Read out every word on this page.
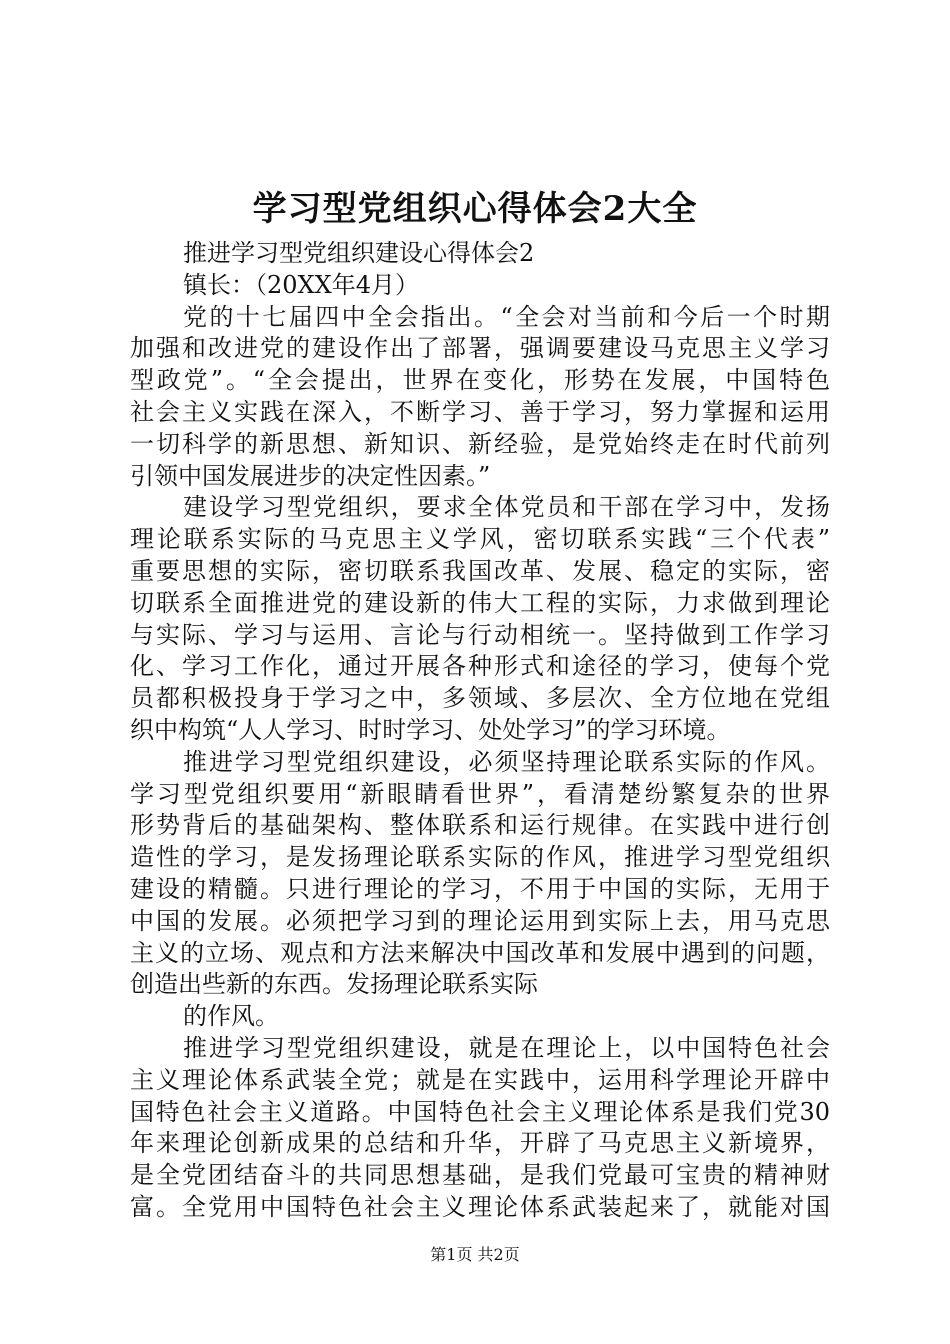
学习型党组织心得体会2大全
推进学习型党组织建设心得体会2
镇长：（20XX年4月）
党的十七届四中全会指出。“全会对当前和今后一个时期
加强和改进党的建设作出了部署，强调要建设马克思主义学习
型政党”。“全会提出，世界在变化，形势在发展，中国特色
社会主义实践在深入，不断学习、善于学习，努力掌握和运用
一切科学的新思想、新知识、新经验，是党始终走在时代前列
引领中国发展进步的决定性因素。”
建设学习型党组织，要求全体党员和干部在学习中，发扬
理论联系实际的马克思主义学风，密切联系实践“三个代表”
重要思想的实际，密切联系我国改革、发展、稳定的实际，密
切联系全面推进党的建设新的伟大工程的实际，力求做到理论
与实际、学习与运用、言论与行动相统一。坚持做到工作学习
化、学习工作化，通过开展各种形式和途径的学习，使每个党
员都积极投身于学习之中，多领域、多层次、全方位地在党组
织中构筑“人人学习、时时学习、处处学习”的学习环境。
推进学习型党组织建设，必须坚持理论联系实际的作风。
学习型党组织要用“新眼睛看世界”，看清楚纷繁复杂的世界
形势背后的基础架构、整体联系和运行规律。在实践中进行创
造性的学习，是发扬理论联系实际的作风，推进学习型党组织
建设的精髓。只进行理论的学习，不用于中国的实际，无用于
中国的发展。必须把学习到的理论运用到实际上去，用马克思
主义的立场、观点和方法来解决中国改革和发展中遇到的问题，
创造出些新的东西。发扬理论联系实际
的作风。
推进学习型党组织建设，就是在理论上，以中国特色社会
主义理论体系武装全党；就是在实践中，运用科学理论开辟中
国特色社会主义道路。中国特色社会主义理论体系是我们党30
年来理论创新成果的总结和升华，开辟了马克思主义新境界，
是全党团结奋斗的共同思想基础，是我们党最可宝贵的精神财
富。全党用中国特色社会主义理论体系武装起来了，就能对国
第1页 共2页
